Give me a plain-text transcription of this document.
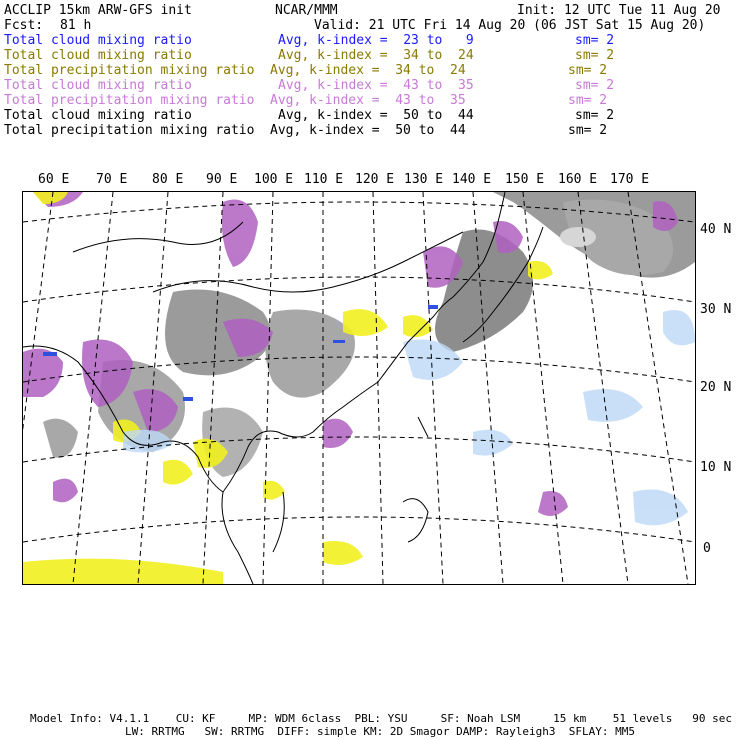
ACCLIP 15km ARW-GFS init	NCAR/MMM	Init: 12 UTC Tue 11 Aug 20
Fcst: 81 h	Valid: 21 UTC Fri 14 Aug 20 (06 JST Sat 15 Aug 20)
Total cloud mixing ratio	Avg, k-index =  23 to   9	sm= 2
Total cloud mixing ratio	Avg, k-index =  34 to  24	sm= 2
Total precipitation mixing ratio Avg, k-index =  34 to  24	sm= 2
Total cloud mixing ratio	Avg, k-index =  43 to  35	sm= 2
Total precipitation mixing ratio Avg, k-index =  43 to  35	sm= 2
Total cloud mixing ratio	Avg, k-index =  50 to  44	sm= 2
Total precipitation mixing ratio Avg, k-index =  50 to  44	sm= 2
60 E 70 E 80 E 90 E 100 E 110 E 120 E 130 E 140 E 150 E 160 E 170 E
40 N
30 N
20 N
10 N
0
Model Info: V4.1.1    CU: KF     MP: WDM 6class  PBL: YSU     SF: Noah LSM     15 km    51 levels   90 sec
LW: RRTMG   SW: RRTMG  DIFF: simple KM: 2D Smagor DAMP: Rayleigh3  SFLAY: MM5
